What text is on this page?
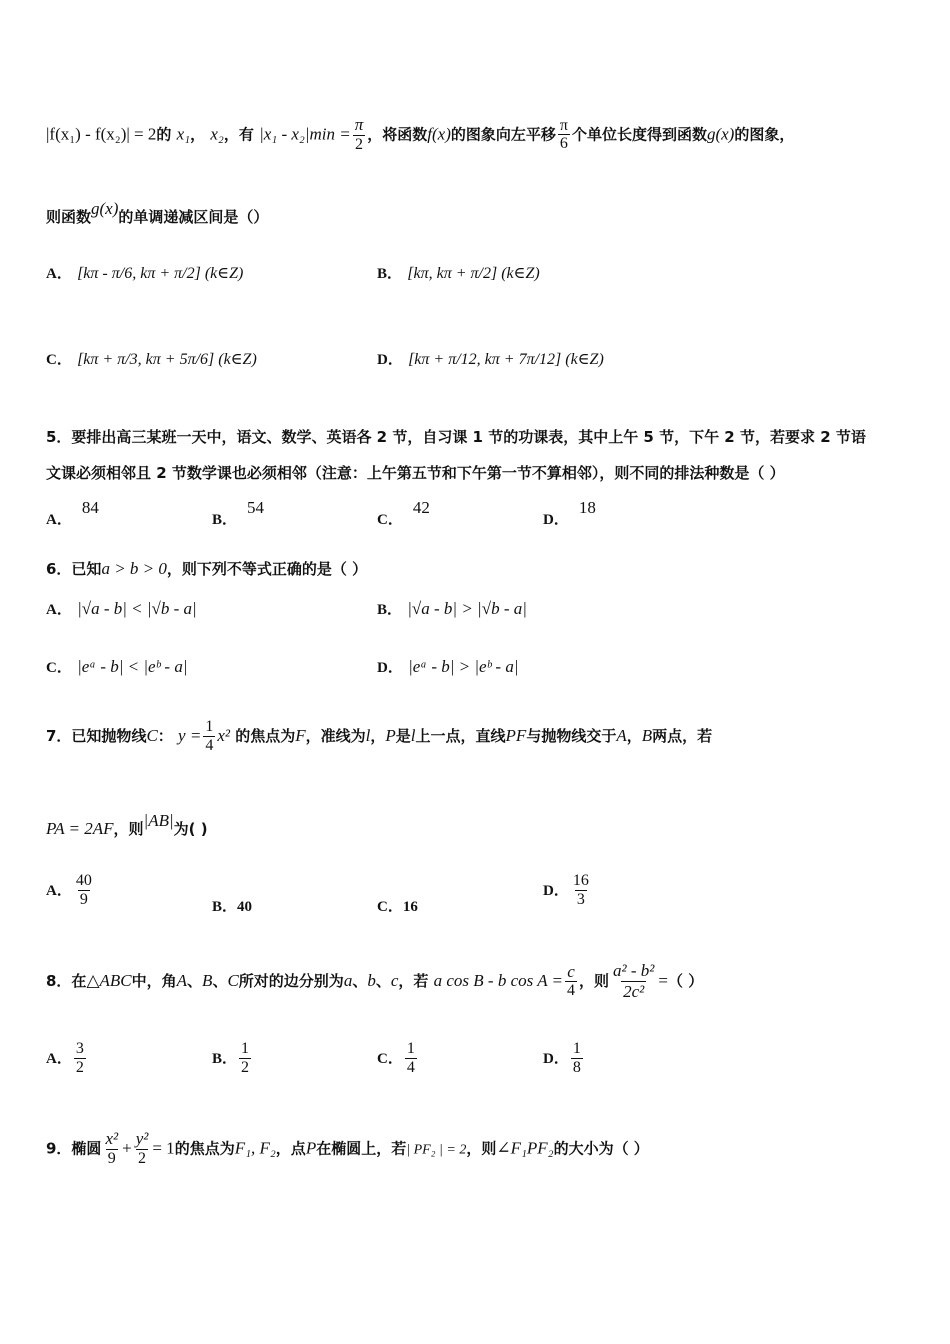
|f(x₁) - f(x₂)| = 2的 x₁， x₂，有 $|x_1 - x_2|\min = \frac{\pi}{2}$ ，将函数f(x)的图象向左平移 $\frac{\pi}{6}$ 个单位长度得到函数g(x)的图象，
则函数g(x)的单调递减区间是（）
A． [kπ - π/6, kπ + π/2] (k∈Z)	B． [kπ, kπ + π/2] (k∈Z)
C． [kπ + π/3, kπ + 5π/6] (k∈Z)	D． [kπ + π/12, kπ + 7π/12] (k∈Z)
5．要排出高三某班一天中，语文、数学、英语各 2 节，自习课 1 节的功课表，其中上午 5 节，下午 2 节，若要求 2 节语
文课必须相邻且 2 节数学课也必须相邻（注意：上午第五节和下午第一节不算相邻），则不同的排法种数是（ ）
A．84
B．54
C．42
D．18
6．已知a > b > 0，则下列不等式正确的是（ ）
A． |√a - b| < |√b - a|	B． |√a - b| > |√b - a|
C． |eᵃ - b| < |eᵇ - a|	D． |eᵃ - b| > |eᵇ - a|
7．已知抛物线C： $y = \frac{1}{4} x^2$ 的焦点为F，准线为l，P是l上一点，直线PF与抛物线交于A，B两点，若
PA = 2AF，则|AB|为( )
A． $\frac{40}{9}$	B．40	C．16
D． $\frac{16}{3}$
8．在△ABC中，角A、B、C所对的边分别为a、b、c，若 a cos B - b $\cos A = \frac{c}{4}$ ，则 $\frac{\text{a² - b²}}{\text{2c²}}$ =（ ）
A． $\frac{3}{2}$	B． $\frac{1}{2}$	C． $\frac{1}{4}$	D． $\frac{1}{8}$
9．椭圆 $\frac{\text{x²}}{9} + \frac{\text{y²}}{2} = 1$的焦点为F₁, F₂，点P在椭圆上，若| PF₂ | = 2，则∠F₁PF₂的大小为（ ）
